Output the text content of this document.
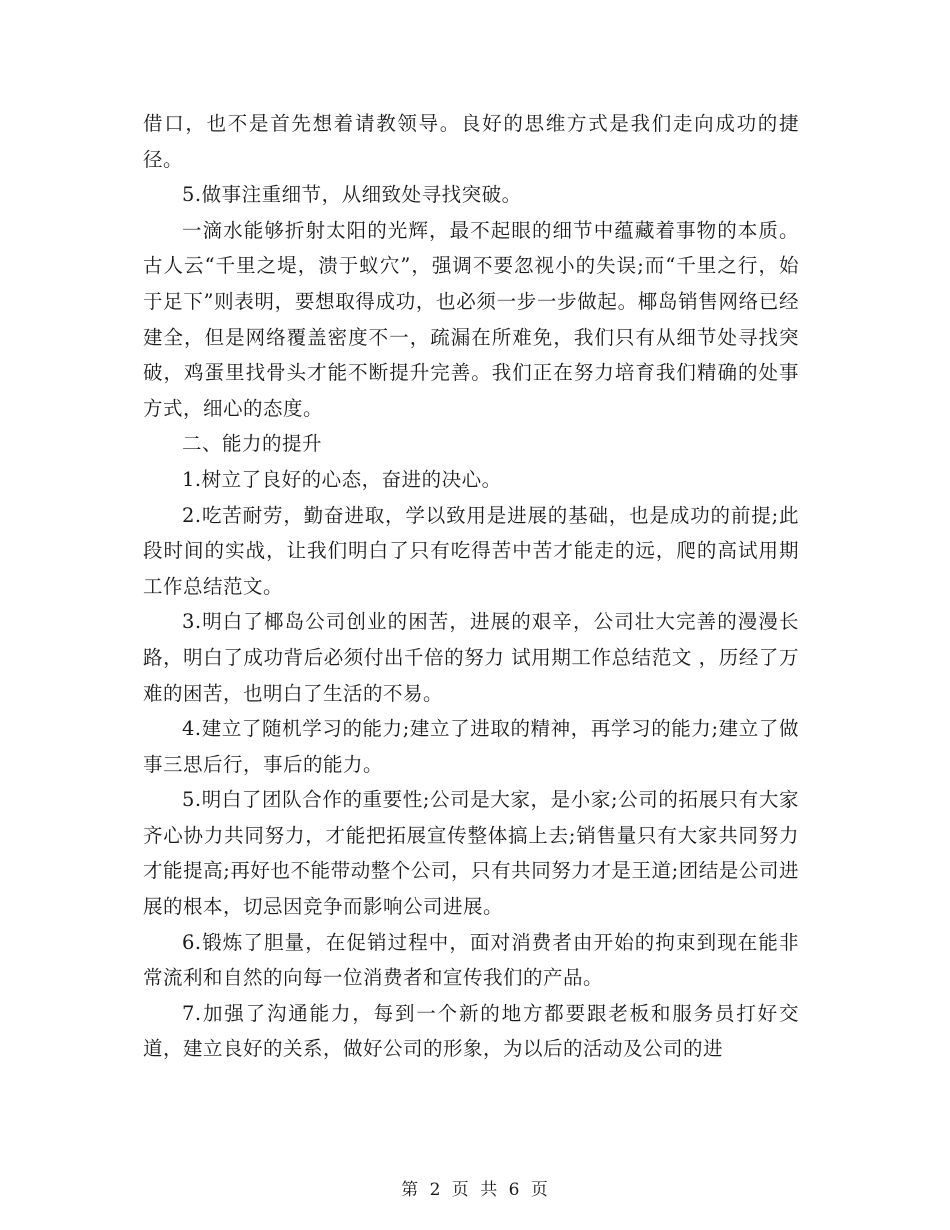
借口，也不是首先想着请教领导。良好的思维方式是我们走向成功的捷径。

5.做事注重细节，从细致处寻找突破。

一滴水能够折射太阳的光辉，最不起眼的细节中蕴藏着事物的本质。古人云“千里之堤，溃于蚁穴”，强调不要忽视小的失误;而“千里之行，始于足下”则表明，要想取得成功，也必须一步一步做起。椰岛销售网络已经建全，但是网络覆盖密度不一，疏漏在所难免，我们只有从细节处寻找突破，鸡蛋里找骨头才能不断提升完善。我们正在努力培育我们精确的处事方式，细心的态度。

二、能力的提升

1.树立了良好的心态，奋进的决心。

2.吃苦耐劳，勤奋进取，学以致用是进展的基础，也是成功的前提;此段时间的实战，让我们明白了只有吃得苦中苦才能走的远，爬的高试用期工作总结范文。

3.明白了椰岛公司创业的困苦，进展的艰辛，公司壮大完善的漫漫长路，明白了成功背后必须付出千倍的努力 试用期工作总结范文 ，历经了万难的困苦，也明白了生活的不易。

4.建立了随机学习的能力;建立了进取的精神，再学习的能力;建立了做事三思后行，事后的能力。

5.明白了团队合作的重要性;公司是大家，是小家;公司的拓展只有大家齐心协力共同努力，才能把拓展宣传整体搞上去;销售量只有大家共同努力才能提高;再好也不能带动整个公司，只有共同努力才是王道;团结是公司进展的根本，切忌因竞争而影响公司进展。

6.锻炼了胆量，在促销过程中，面对消费者由开始的拘束到现在能非常流利和自然的向每一位消费者和宣传我们的产品。

7.加强了沟通能力，每到一个新的地方都要跟老板和服务员打好交道，建立良好的关系，做好公司的形象，为以后的活动及公司的进

第 2 页 共 6 页
